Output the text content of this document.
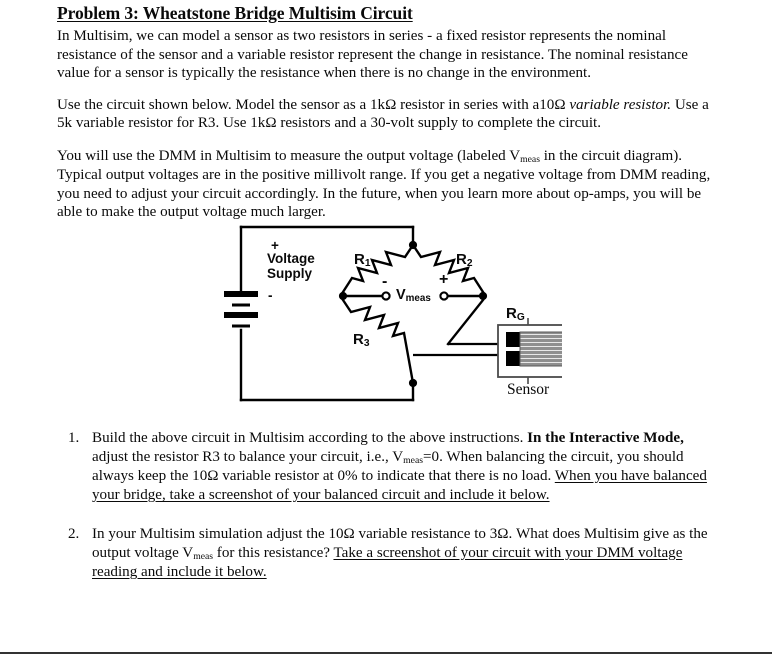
Problem 3: Wheatstone Bridge Multisim Circuit

In Multisim, we can model a sensor as two resistors in series - a fixed resistor represents the nominal resistance of the sensor and a variable resistor represent the change in resistance. The nominal resistance value for a sensor is typically the resistance when there is no change in the environment.

Use the circuit shown below. Model the sensor as a 1kΩ resistor in series with a10Ω variable resistor. Use a 5k variable resistor for R3. Use 1kΩ resistors and a 30-volt supply to complete the circuit.

You will use the DMM in Multisim to measure the output voltage (labeled $V_{meas}$ in the circuit diagram). Typical output voltages are in the positive millivolt range. If you get a negative voltage from DMM reading, you need to adjust your circuit accordingly. In the future, when you learn more about op-amps, you will be able to make the output voltage much larger.

+
-
Voltage
Supply
$R_1$	$R_2$
$R_3$
$R_G$
-	+
$V_{meas}$
Sensor
1. Build the above circuit in Multisim according to the above instructions. In the Interactive Mode, adjust the resistor R3 to balance your circuit, i.e., $V_{meas}=0$. When balancing the circuit, you should always keep the 10Ω variable resistor at 0% to indicate that there is no load. When you have balanced your bridge, take a screenshot of your balanced circuit and include it below.
2. In your Multisim simulation adjust the 10Ω variable resistance to 3Ω. What does Multisim give as the output voltage $V_{meas}$ for this resistance? Take a screenshot of your circuit with your DMM voltage reading and include it below.
